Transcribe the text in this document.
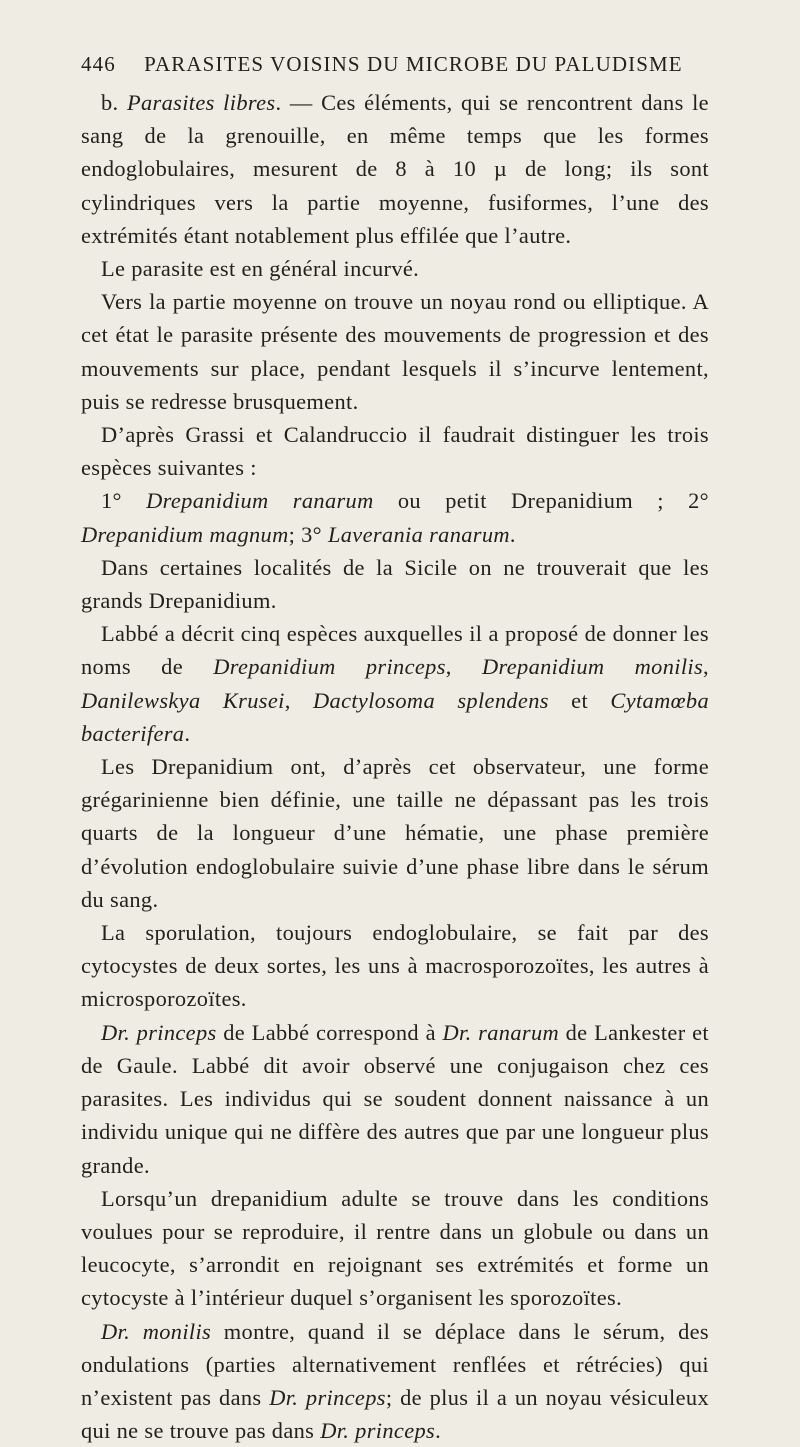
446 PARASITES VOISINS DU MICROBE DU PALUDISME

b. Parasites libres. — Ces éléments, qui se rencontrent dans le sang de la grenouille, en même temps que les formes endoglobulaires, mesurent de 8 à 10 µ de long; ils sont cylindriques vers la partie moyenne, fusiformes, l’une des extrémités étant notablement plus effilée que l’autre.

Le parasite est en général incurvé.

Vers la partie moyenne on trouve un noyau rond ou elliptique. A cet état le parasite présente des mouvements de progression et des mouvements sur place, pendant lesquels il s’incurve lentement, puis se redresse brusquement.

D’après Grassi et Calandruccio il faudrait distinguer les trois espèces suivantes :

1° Drepanidium ranarum ou petit Drepanidium ; 2° Drepanidium magnum; 3° Laverania ranarum.

Dans certaines localités de la Sicile on ne trouverait que les grands Drepanidium.

Labbé a décrit cinq espèces auxquelles il a proposé de donner les noms de Drepanidium princeps, Drepanidium monilis, Danilewskya Krusei, Dactylosoma splendens et Cytamœba bacterifera.

Les Drepanidium ont, d’après cet observateur, une forme grégarinienne bien définie, une taille ne dépassant pas les trois quarts de la longueur d’une hématie, une phase première d’évolution endoglobulaire suivie d’une phase libre dans le sérum du sang.

La sporulation, toujours endoglobulaire, se fait par des cytocystes de deux sortes, les uns à macrosporozoïtes, les autres à microsporozoïtes.

Dr. princeps de Labbé correspond à Dr. ranarum de Lankester et de Gaule. Labbé dit avoir observé une conjugaison chez ces parasites. Les individus qui se soudent donnent naissance à un individu unique qui ne diffère des autres que par une longueur plus grande.

Lorsqu’un drepanidium adulte se trouve dans les conditions voulues pour se reproduire, il rentre dans un globule ou dans un leucocyte, s’arrondit en rejoignant ses extrémités et forme un cytocyste à l’intérieur duquel s’organisent les sporozoïtes.

Dr. monilis montre, quand il se déplace dans le sérum, des ondulations (parties alternativement renflées et rétrécies) qui n’existent pas dans Dr. princeps; de plus il a un noyau vésiculeux qui ne se trouve pas dans Dr. princeps.
